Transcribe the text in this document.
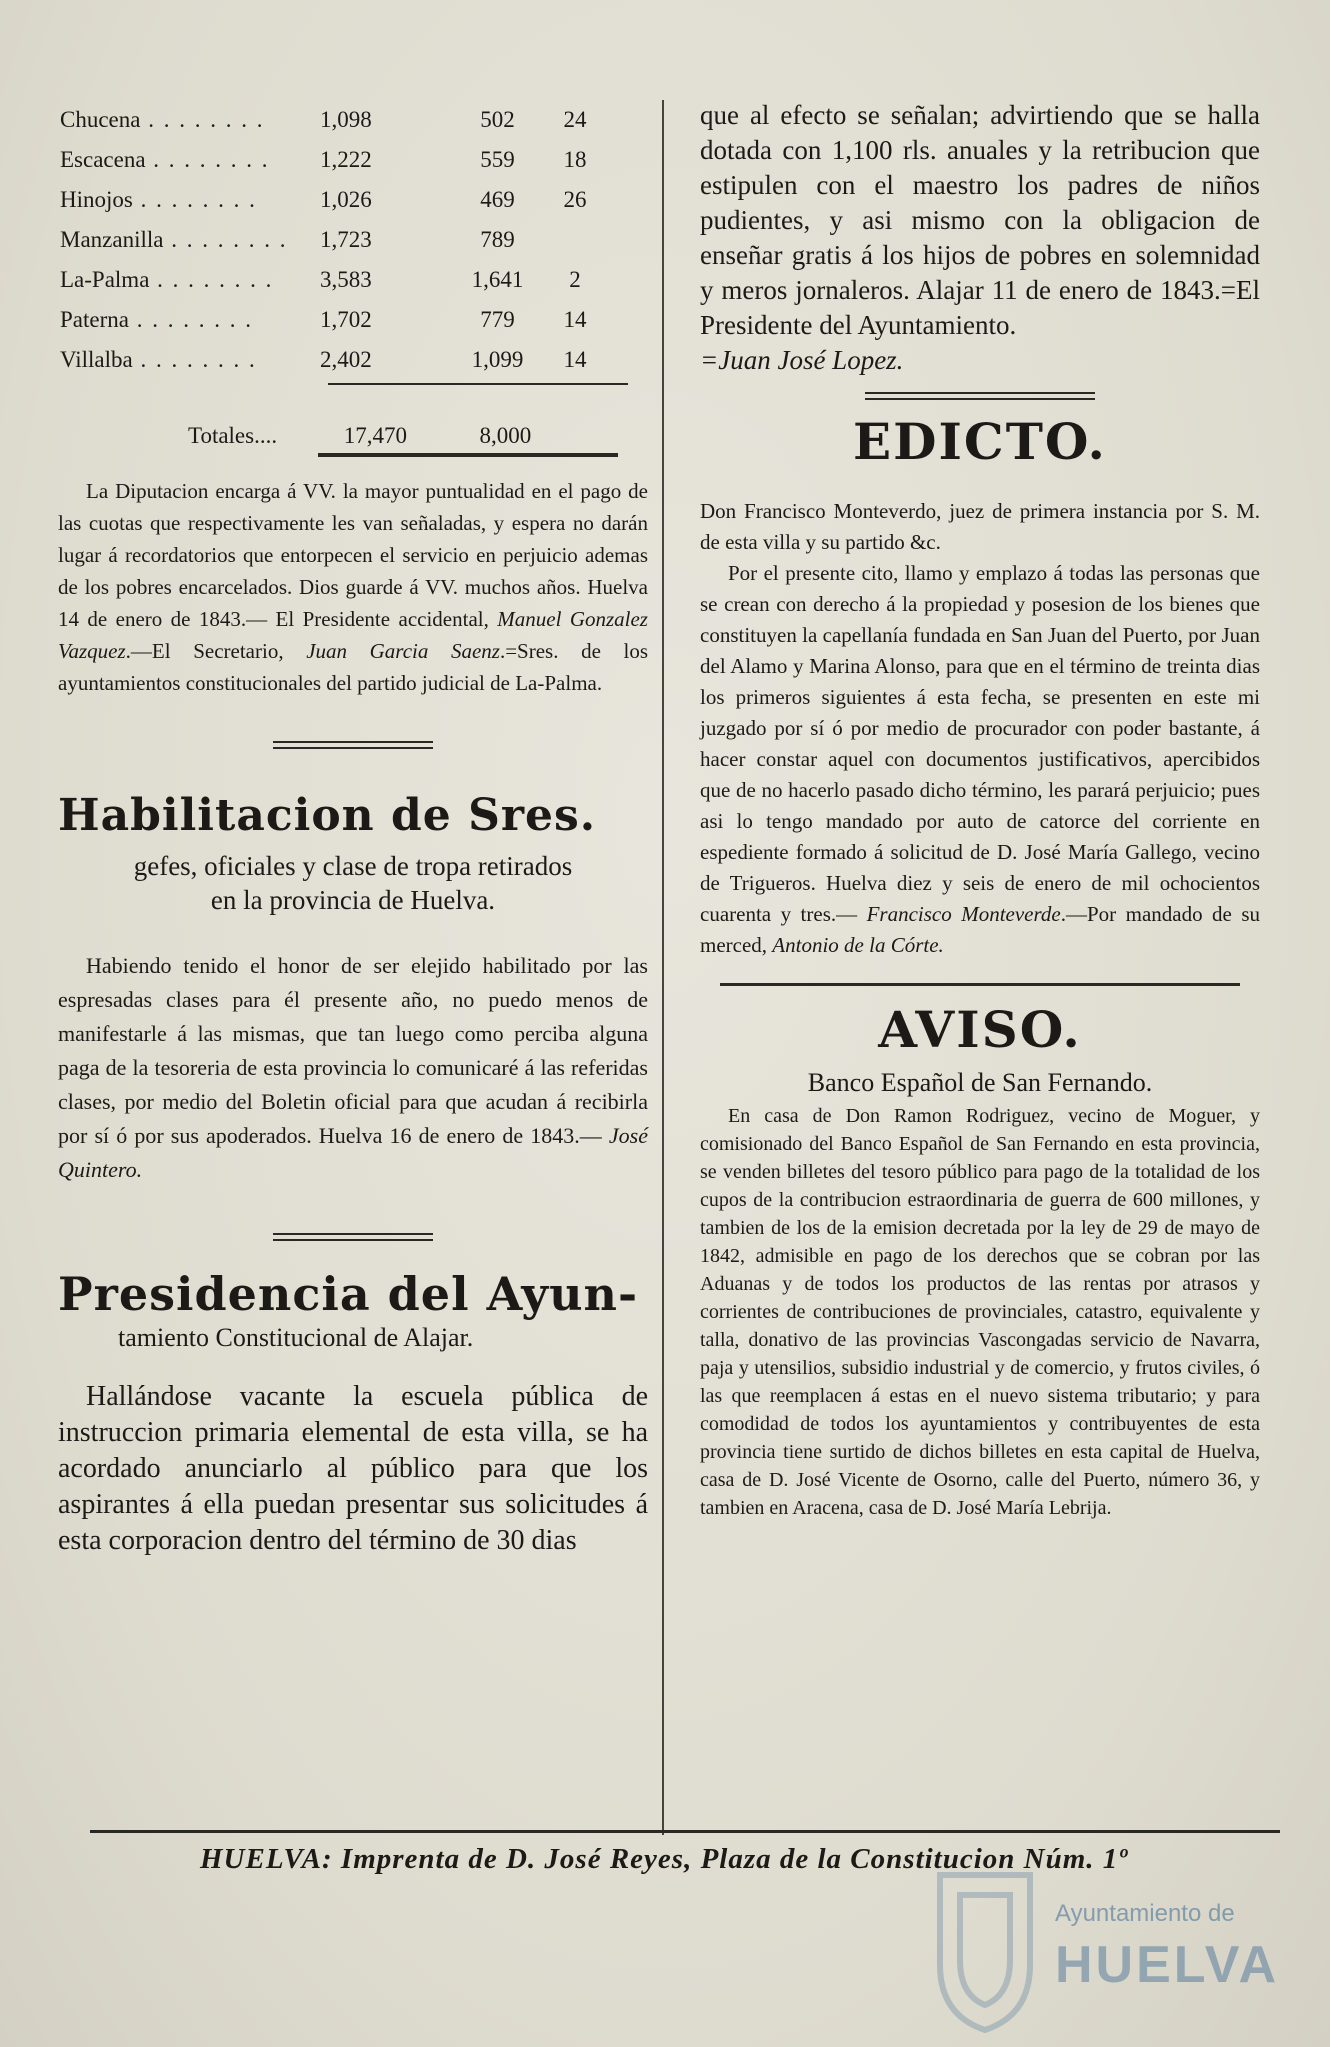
Chucena . . .	1,098	502	24
Escacena . . .	1,222	559	18
Hinojos . . .	1,026	469	26
Manzanilla . . .	1,723	789	
La-Palma . . .	3,583	1,641	2
Paterna . . .	1,702	779	14
Villalba . . .	2,402	1,099	14
Totales....	17,470	8,000

La Diputacion encarga á VV. la mayor puntualidad en el pago de las cuotas que respectivamente les van señaladas, y espera no darán lugar á recordatorios que entorpecen el servicio en perjuicio ademas de los pobres encarcelados. Dios guarde á VV. muchos años. Huelva 14 de enero de 1843.— El Presidente accidental, Manuel Gonzalez Vazquez.—El Secretario, Juan Garcia Saenz.=Sres. de los ayuntamientos constitucionales del partido judicial de La-Palma.

Habilitacion de Sres.

gefes, oficiales y clase de tropa retirados

en la provincia de Huelva.

Habiendo tenido el honor de ser elejido habilitado por las espresadas clases para él presente año, no puedo menos de manifestarle á las mismas, que tan luego como perciba alguna paga de la tesoreria de esta provincia lo comunicaré á las referidas clases, por medio del Boletin oficial para que acudan á recibirla por sí ó por sus apoderados. Huelva 16 de enero de 1843.— José Quintero.

Presidencia del Ayun-

tamiento Constitucional de Alajar.

Hallándose vacante la escuela pública de instruccion primaria elemental de esta villa, se ha acordado anunciarlo al público para que los aspirantes á ella puedan presentar sus solicitudes á esta corporacion dentro del término de 30 dias

que al efecto se señalan; advirtiendo que se halla dotada con 1,100 rls. anuales y la retribucion que estipulen con el maestro los padres de niños pudientes, y asi mismo con la obligacion de enseñar gratis á los hijos de pobres en solemnidad y meros jornaleros. Alajar 11 de enero de 1843.=El Presidente del Ayuntamiento.

=Juan José Lopez.

EDICTO.

Don Francisco Monteverdo, juez de primera instancia por S. M. de esta villa y su partido &c.

Por el presente cito, llamo y emplazo á todas las personas que se crean con derecho á la propiedad y posesion de los bienes que constituyen la capellanía fundada en San Juan del Puerto, por Juan del Alamo y Marina Alonso, para que en el término de treinta dias los primeros siguientes á esta fecha, se presenten en este mi juzgado por sí ó por medio de procurador con poder bastante, á hacer constar aquel con documentos justificativos, apercibidos que de no hacerlo pasado dicho término, les parará perjuicio; pues asi lo tengo mandado por auto de catorce del corriente en espediente formado á solicitud de D. José María Gallego, vecino de Trigueros. Huelva diez y seis de enero de mil ochocientos cuarenta y tres.— Francisco Monteverde.—Por mandado de su merced, Antonio de la Córte.

AVISO.

Banco Español de San Fernando.

En casa de Don Ramon Rodriguez, vecino de Moguer, y comisionado del Banco Español de San Fernando en esta provincia, se venden billetes del tesoro público para pago de la totalidad de los cupos de la contribucion estraordinaria de guerra de 600 millones, y tambien de los de la emision decretada por la ley de 29 de mayo de 1842, admisible en pago de los derechos que se cobran por las Aduanas y de todos los productos de las rentas por atrasos y corrientes de contribuciones de provinciales, catastro, equivalente y talla, donativo de las provincias Vascongadas servicio de Navarra, paja y utensilios, subsidio industrial y de comercio, y frutos civiles, ó las que reemplacen á estas en el nuevo sistema tributario; y para comodidad de todos los ayuntamientos y contribuyentes de esta provincia tiene surtido de dichos billetes en esta capital de Huelva, casa de D. José Vicente de Osorno, calle del Puerto, número 36, y tambien en Aracena, casa de D. José María Lebrija.

HUELVA: Imprenta de D. José Reyes, Plaza de la Constitucion Núm. 1º
Ayuntamiento de
HUELVA
